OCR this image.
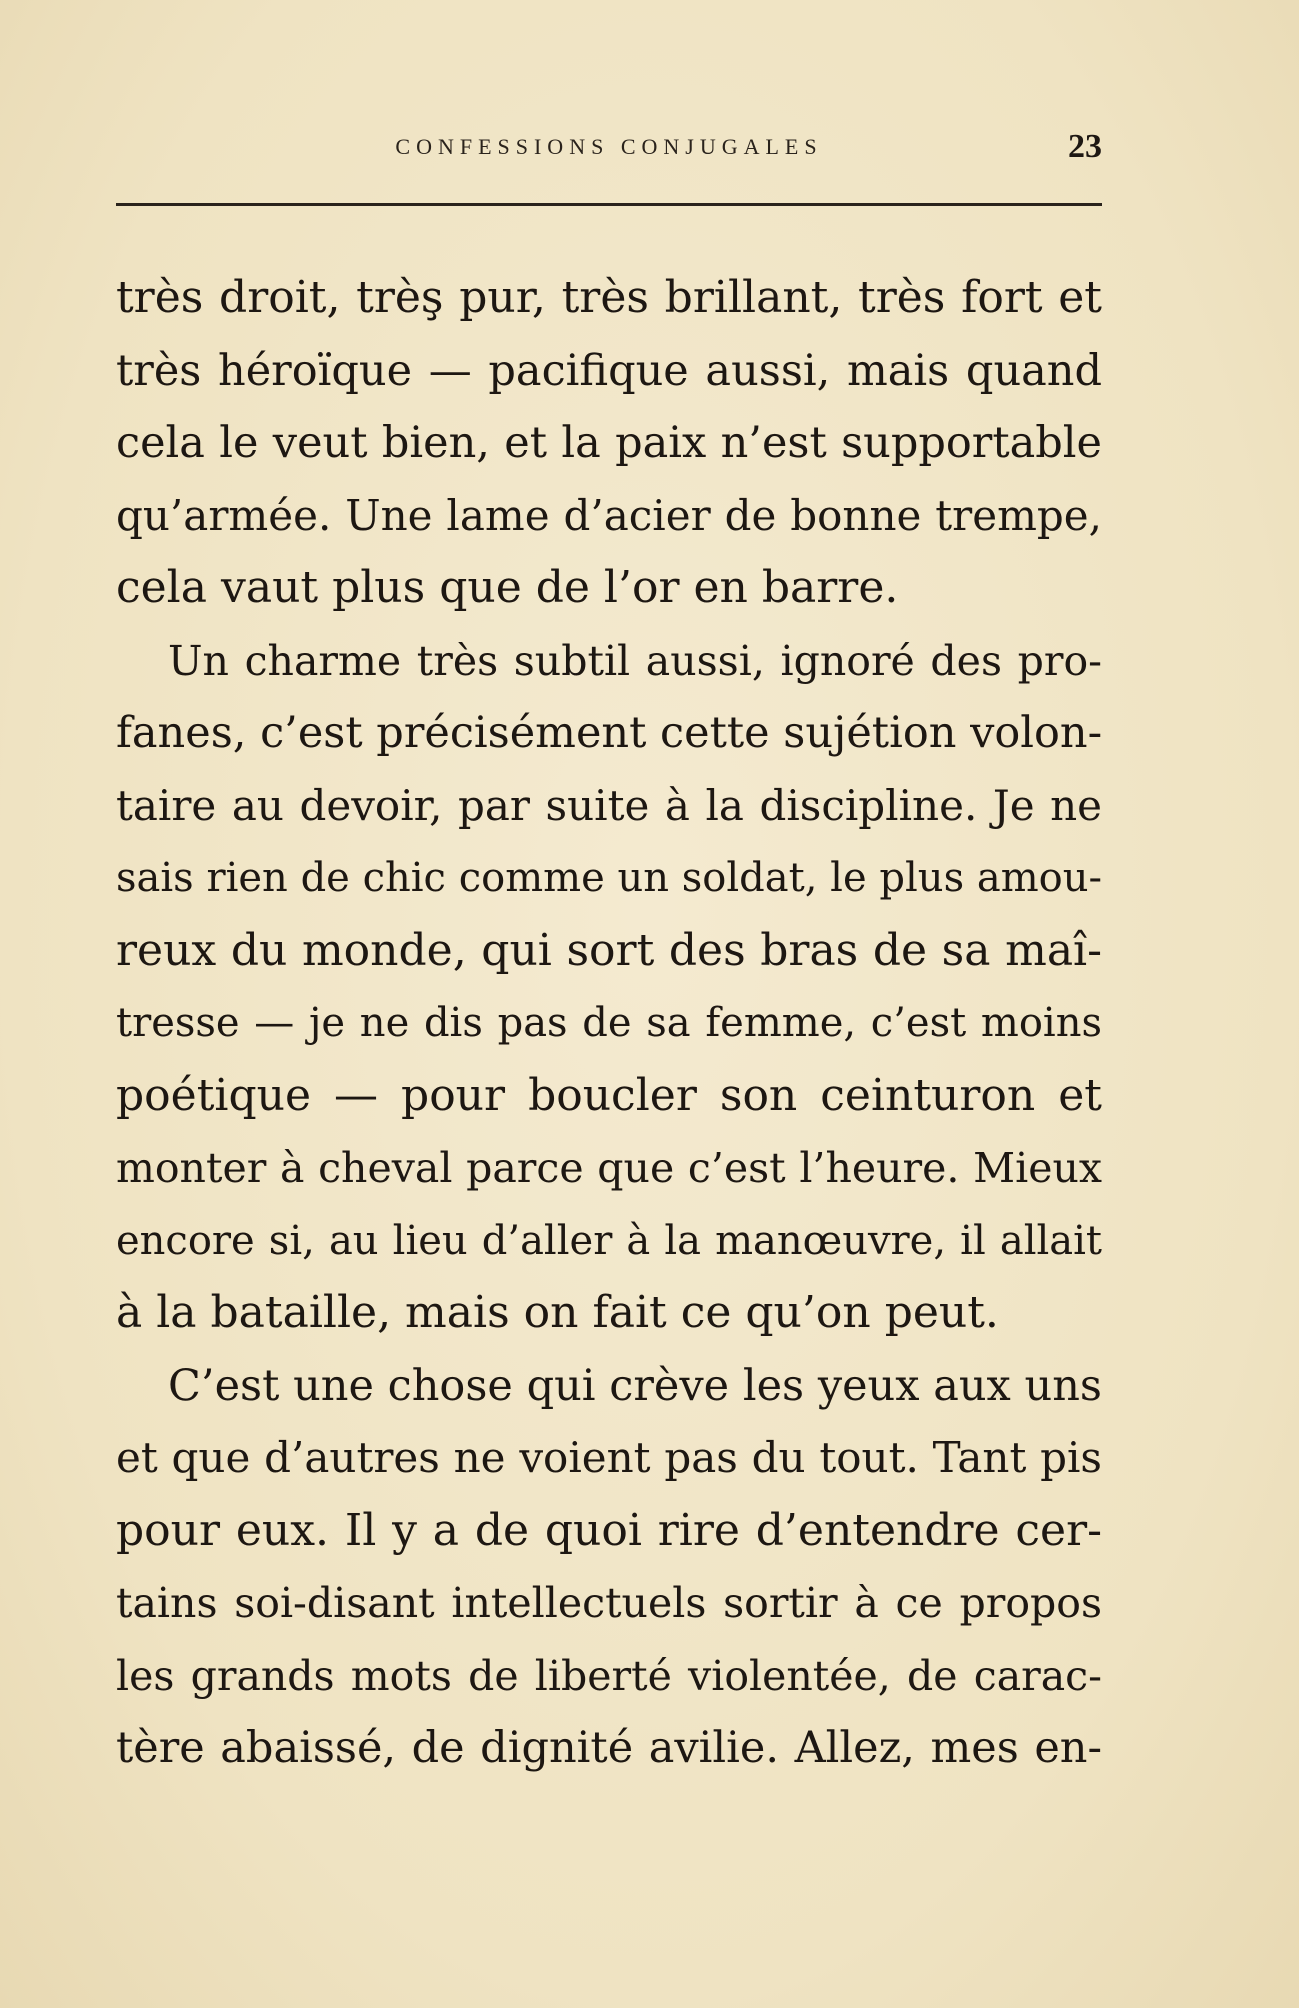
CONFESSIONS CONJUGALES	23
très droit, trèş pur, très brillant, très fort et
très héroïque — pacifique aussi, mais quand
cela le veut bien, et la paix n’est supportable
qu’armée. Une lame d’acier de bonne trempe,
cela vaut plus que de l’or en barre.
Un charme très subtil aussi, ignoré des pro-
fanes, c’est précisément cette sujétion volon-
taire au devoir, par suite à la discipline. Je ne
sais rien de chic comme un soldat, le plus amou-
reux du monde, qui sort des bras de sa maî-
tresse — je ne dis pas de sa femme, c’est moins
poétique — pour boucler son ceinturon et
monter à cheval parce que c’est l’heure. Mieux
encore si, au lieu d’aller à la manœuvre, il allait
à la bataille, mais on fait ce qu’on peut.
C’est une chose qui crève les yeux aux uns
et que d’autres ne voient pas du tout. Tant pis
pour eux. Il y a de quoi rire d’entendre cer-
tains soi-disant intellectuels sortir à ce propos
les grands mots de liberté violentée, de carac-
tère abaissé, de dignité avilie. Allez, mes en-
